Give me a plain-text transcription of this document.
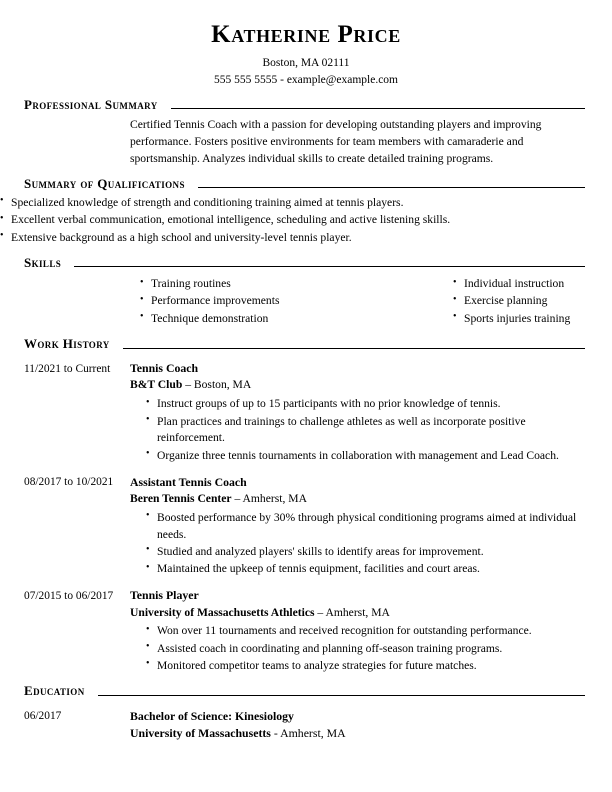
Katherine Price
Boston, MA 02111
555 555 5555 - example@example.com
Professional Summary

Certified Tennis Coach with a passion for developing outstanding players and improving performance. Fosters positive environments for team members with camaraderie and sportsmanship. Analyzes individual skills to create detailed training programs.

Summary of Qualifications
• Specialized knowledge of strength and conditioning training aimed at tennis players.
• Excellent verbal communication, emotional intelligence, scheduling and active listening skills.
• Extensive background as a high school and university-level tennis player.
Skills
• Training routines
• Performance improvements
• Technique demonstration
• Individual instruction
• Exercise planning
• Sports injuries training
Work History
11/2021 to Current	Tennis Coach
B&T Club – Boston, MA
• Instruct groups of up to 15 participants with no prior knowledge of tennis.
• Plan practices and trainings to challenge athletes as well as incorporate positive reinforcement.
• Organize three tennis tournaments in collaboration with management and Lead Coach.
08/2017 to 10/2021	Assistant Tennis Coach
Beren Tennis Center – Amherst, MA
• Boosted performance by 30% through physical conditioning programs aimed at individual needs.
• Studied and analyzed players' skills to identify areas for improvement.
• Maintained the upkeep of tennis equipment, facilities and court areas.
07/2015 to 06/2017	Tennis Player
University of Massachusetts Athletics – Amherst, MA
• Won over 11 tournaments and received recognition for outstanding performance.
• Assisted coach in coordinating and planning off-season training programs.
• Monitored competitor teams to analyze strategies for future matches.
Education
06/2017	Bachelor of Science: Kinesiology
University of Massachusetts - Amherst, MA
